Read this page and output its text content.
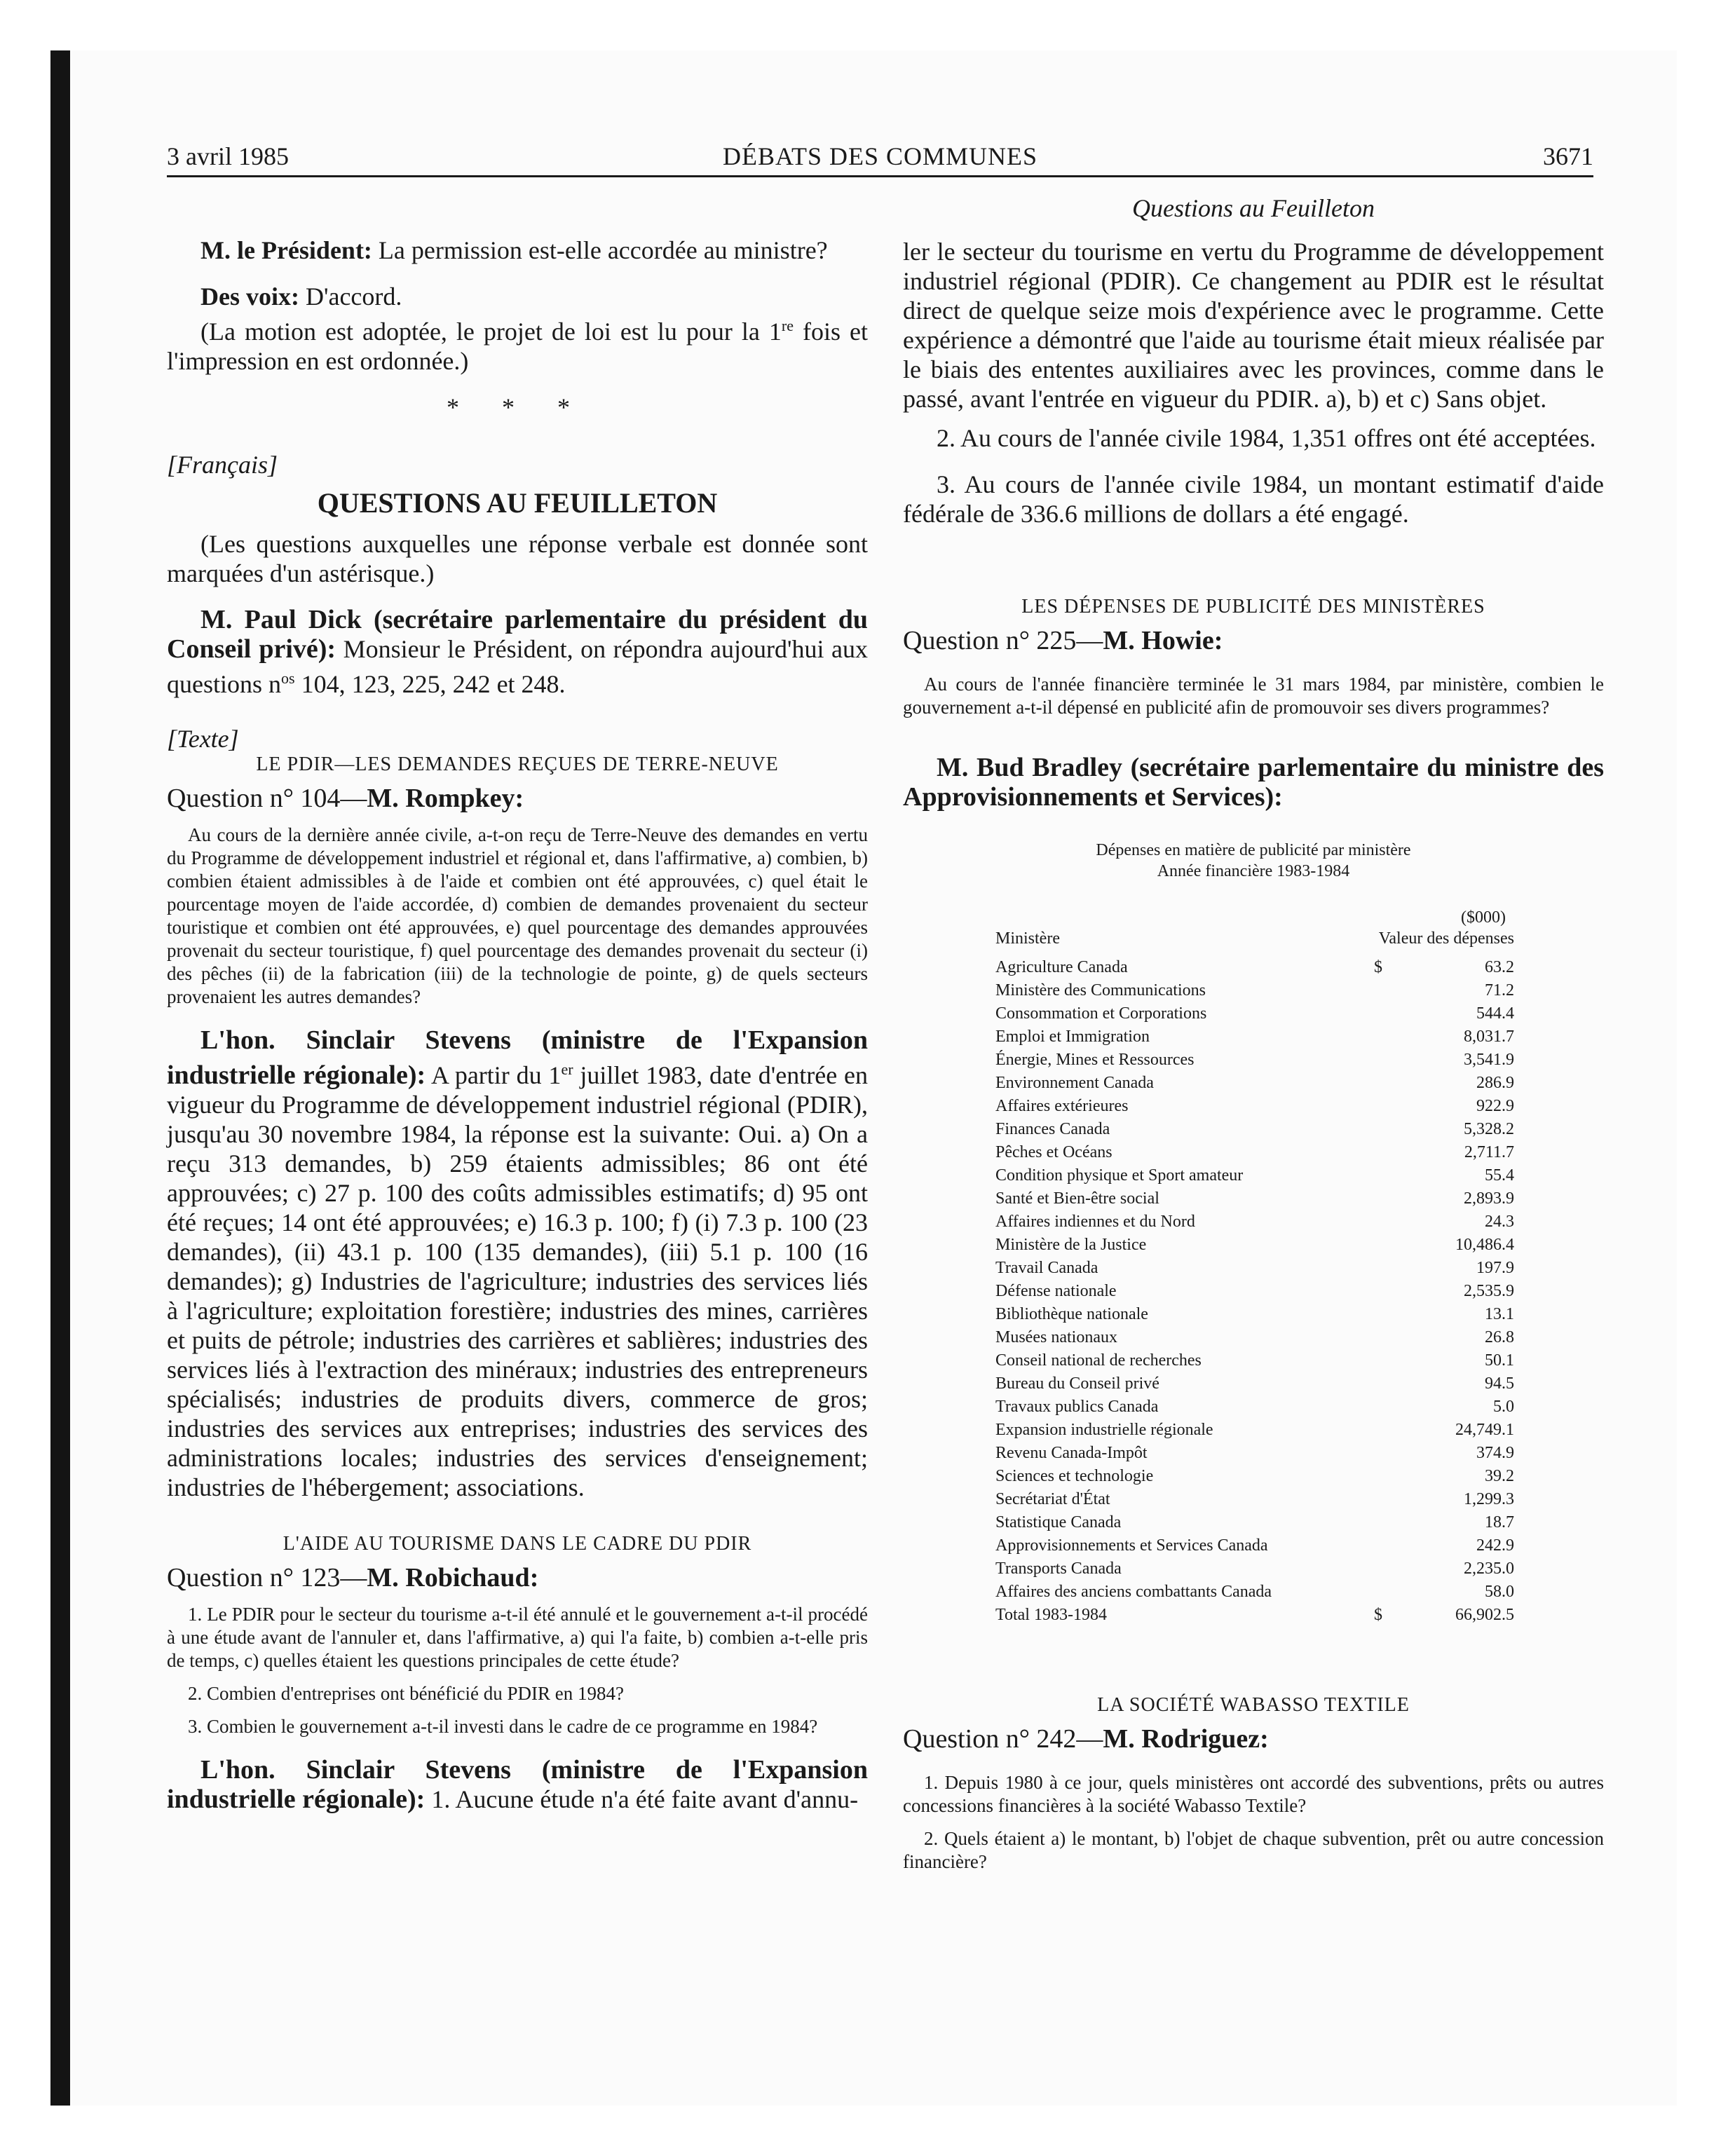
3 avril 1985	DÉBATS DES COMMUNES	3671
Questions au Feuilleton

M. le Président: La permission est-elle accordée au ministre?

Des voix: D'accord.

(La motion est adoptée, le projet de loi est lu pour la 1re fois et l'impression en est ordonnée.)

* * *
[Français]
QUESTIONS AU FEUILLETON

(Les questions auxquelles une réponse verbale est donnée sont marquées d'un astérisque.)

M. Paul Dick (secrétaire parlementaire du président du Conseil privé): Monsieur le Président, on répondra aujourd'hui aux questions $n^{os}$ 104, 123, 225, 242 et 248.

[Texte]
LE PDIR—LES DEMANDES REÇUES DE TERRE-NEUVE
Question n° 104—M. Rompkey:

Au cours de la dernière année civile, a-t-on reçu de Terre-Neuve des demandes en vertu du Programme de développement industriel et régional et, dans l'affirmative, a) combien, b) combien étaient admissibles à de l'aide et combien ont été approuvées, c) quel était le pourcentage moyen de l'aide accordée, d) combien de demandes provenaient du secteur touristique et combien ont été approuvées, e) quel pourcentage des demandes approuvées provenait du secteur touristique, f) quel pourcentage des demandes provenait du secteur (i) des pêches (ii) de la fabrication (iii) de la technologie de pointe, g) de quels secteurs provenaient les autres demandes?

L'hon. Sinclair Stevens (ministre de l'Expansion industrielle régionale): A partir du 1er juillet 1983, date d'entrée en vigueur du Programme de développement industriel régional (PDIR), jusqu'au 30 novembre 1984, la réponse est la suivante: Oui. a) On a reçu 313 demandes, b) 259 étaients admissibles; 86 ont été approuvées; c) 27 p. 100 des coûts admissibles estimatifs; d) 95 ont été reçues; 14 ont été approuvées; e) 16.3 p. 100; f) (i) 7.3 p. 100 (23 demandes), (ii) 43.1 p. 100 (135 demandes), (iii) 5.1 p. 100 (16 demandes); g) Industries de l'agriculture; industries des services liés à l'agriculture; exploitation forestière; industries des mines, carrières et puits de pétrole; industries des carrières et sablières; industries des services liés à l'extraction des minéraux; industries des entrepreneurs spécialisés; industries de produits divers, commerce de gros; industries des services aux entreprises; industries des services des administrations locales; industries des services d'enseignement; industries de l'hébergement; associations.

L'AIDE AU TOURISME DANS LE CADRE DU PDIR
Question n° 123—M. Robichaud:

1. Le PDIR pour le secteur du tourisme a-t-il été annulé et le gouvernement a-t-il procédé à une étude avant de l'annuler et, dans l'affirmative, a) qui l'a faite, b) combien a-t-elle pris de temps, c) quelles étaient les questions principales de cette étude?

2. Combien d'entreprises ont bénéficié du PDIR en 1984?

3. Combien le gouvernement a-t-il investi dans le cadre de ce programme en 1984?

L'hon. Sinclair Stevens (ministre de l'Expansion industrielle régionale): 1. Aucune étude n'a été faite avant d'annu-

ler le secteur du tourisme en vertu du Programme de développement industriel régional (PDIR). Ce changement au PDIR est le résultat direct de quelque seize mois d'expérience avec le programme. Cette expérience a démontré que l'aide au tourisme était mieux réalisée par le biais des ententes auxiliaires avec les provinces, comme dans le passé, avant l'entrée en vigueur du PDIR. a), b) et c) Sans objet.

2. Au cours de l'année civile 1984, 1,351 offres ont été acceptées.

3. Au cours de l'année civile 1984, un montant estimatif d'aide fédérale de 336.6 millions de dollars a été engagé.

LES DÉPENSES DE PUBLICITÉ DES MINISTÈRES
Question n° 225—M. Howie:

Au cours de l'année financière terminée le 31 mars 1984, par ministère, combien le gouvernement a-t-il dépensé en publicité afin de promouvoir ses divers programmes?

M. Bud Bradley (secrétaire parlementaire du ministre des Approvisionnements et Services):

Dépenses en matière de publicité par ministère
Année financière 1983-1984
($000)
Ministère	Valeur des dépenses
Agriculture Canada	$	63.2
Ministère des Communications		71.2
Consommation et Corporations		544.4
Emploi et Immigration		8,031.7
Énergie, Mines et Ressources		3,541.9
Environnement Canada		286.9
Affaires extérieures		922.9
Finances Canada		5,328.2
Pêches et Océans		2,711.7
Condition physique et Sport amateur		55.4
Santé et Bien-être social		2,893.9
Affaires indiennes et du Nord		24.3
Ministère de la Justice		10,486.4
Travail Canada		197.9
Défense nationale		2,535.9
Bibliothèque nationale		13.1
Musées nationaux		26.8
Conseil national de recherches		50.1
Bureau du Conseil privé		94.5
Travaux publics Canada		5.0
Expansion industrielle régionale		24,749.1
Revenu Canada-Impôt		374.9
Sciences et technologie		39.2
Secrétariat d'État		1,299.3
Statistique Canada		18.7
Approvisionnements et Services Canada		242.9
Transports Canada		2,235.0
Affaires des anciens combattants Canada		58.0
Total 1983-1984	$	66,902.5
LA SOCIÉTÉ WABASSO TEXTILE
Question n° 242—M. Rodriguez:

1. Depuis 1980 à ce jour, quels ministères ont accordé des subventions, prêts ou autres concessions financières à la société Wabasso Textile?

2. Quels étaient a) le montant, b) l'objet de chaque subvention, prêt ou autre concession financière?
